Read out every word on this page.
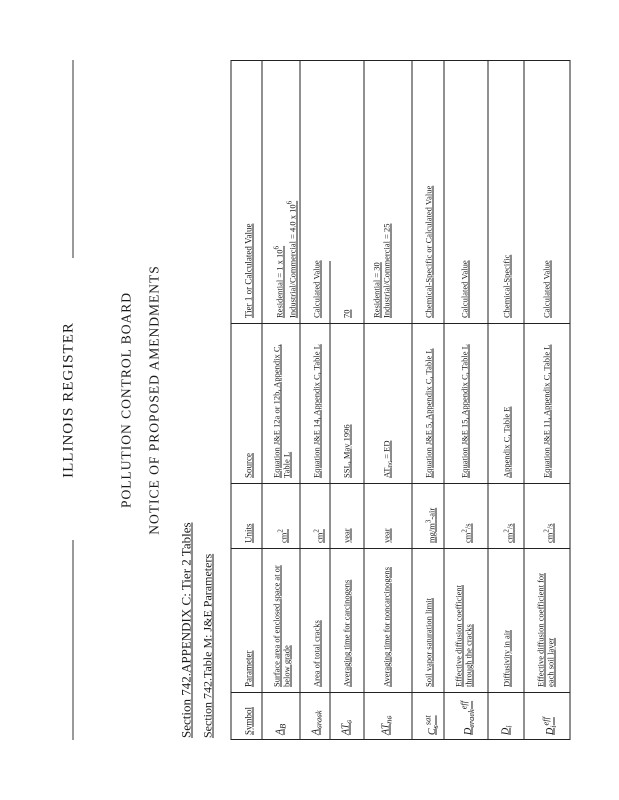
ILLINOIS REGISTER	POLLUTION CONTROL BOARD NOTICE OF PROPOSED AMENDMENTS
Section 742.APPENDIX C: Tier 2 Tables Section 742.Table M: J&E Parameters	Symbol
Parameter
Units
Source
Tier 1 or Calculated Value
$A_B$
Surface area of enclosed space at or below grade
$cm^2$
Equation J&E 12a or 12b, Appendix C, Table L
Residential = 1 x $10^6$ Industrial/Commercial = 4.0 x $10^6$
$A_{crack}$
Area of total cracks
$cm^2$
Equation J&E 14, Appendix C, Table L
Calculated Value
$AT_c$
Averaging time for carcinogens
year
SSL, May 1996
70
$AT_{nc}$
Averaging time for noncarcinogens
year
$AT_{nc}$ = ED
Residential = 30 Industrial/Commercial = 25
$C_s^{sat}$
Soil vapor saturation limit
$mg/m^3$-air
Equation J&E 5, Appendix C, Table L
Chemical-Specific or Calculated Value
$D_{crack}^{eff}$
Effective diffusion coefficient through the cracks
$cm^2/s$
Equation J&E 15, Appendix C, Table L
Calculated Value
$D_i$
Diffusivity in air
$cm^2/s$
Appendix C, Table E
Chemical-Specific
$D_i^{eff}$
Effective diffusion coefficient for each soil layer
$cm^2/s$
Equation J&E 11, Appendix C, Table L
Calculated Value
